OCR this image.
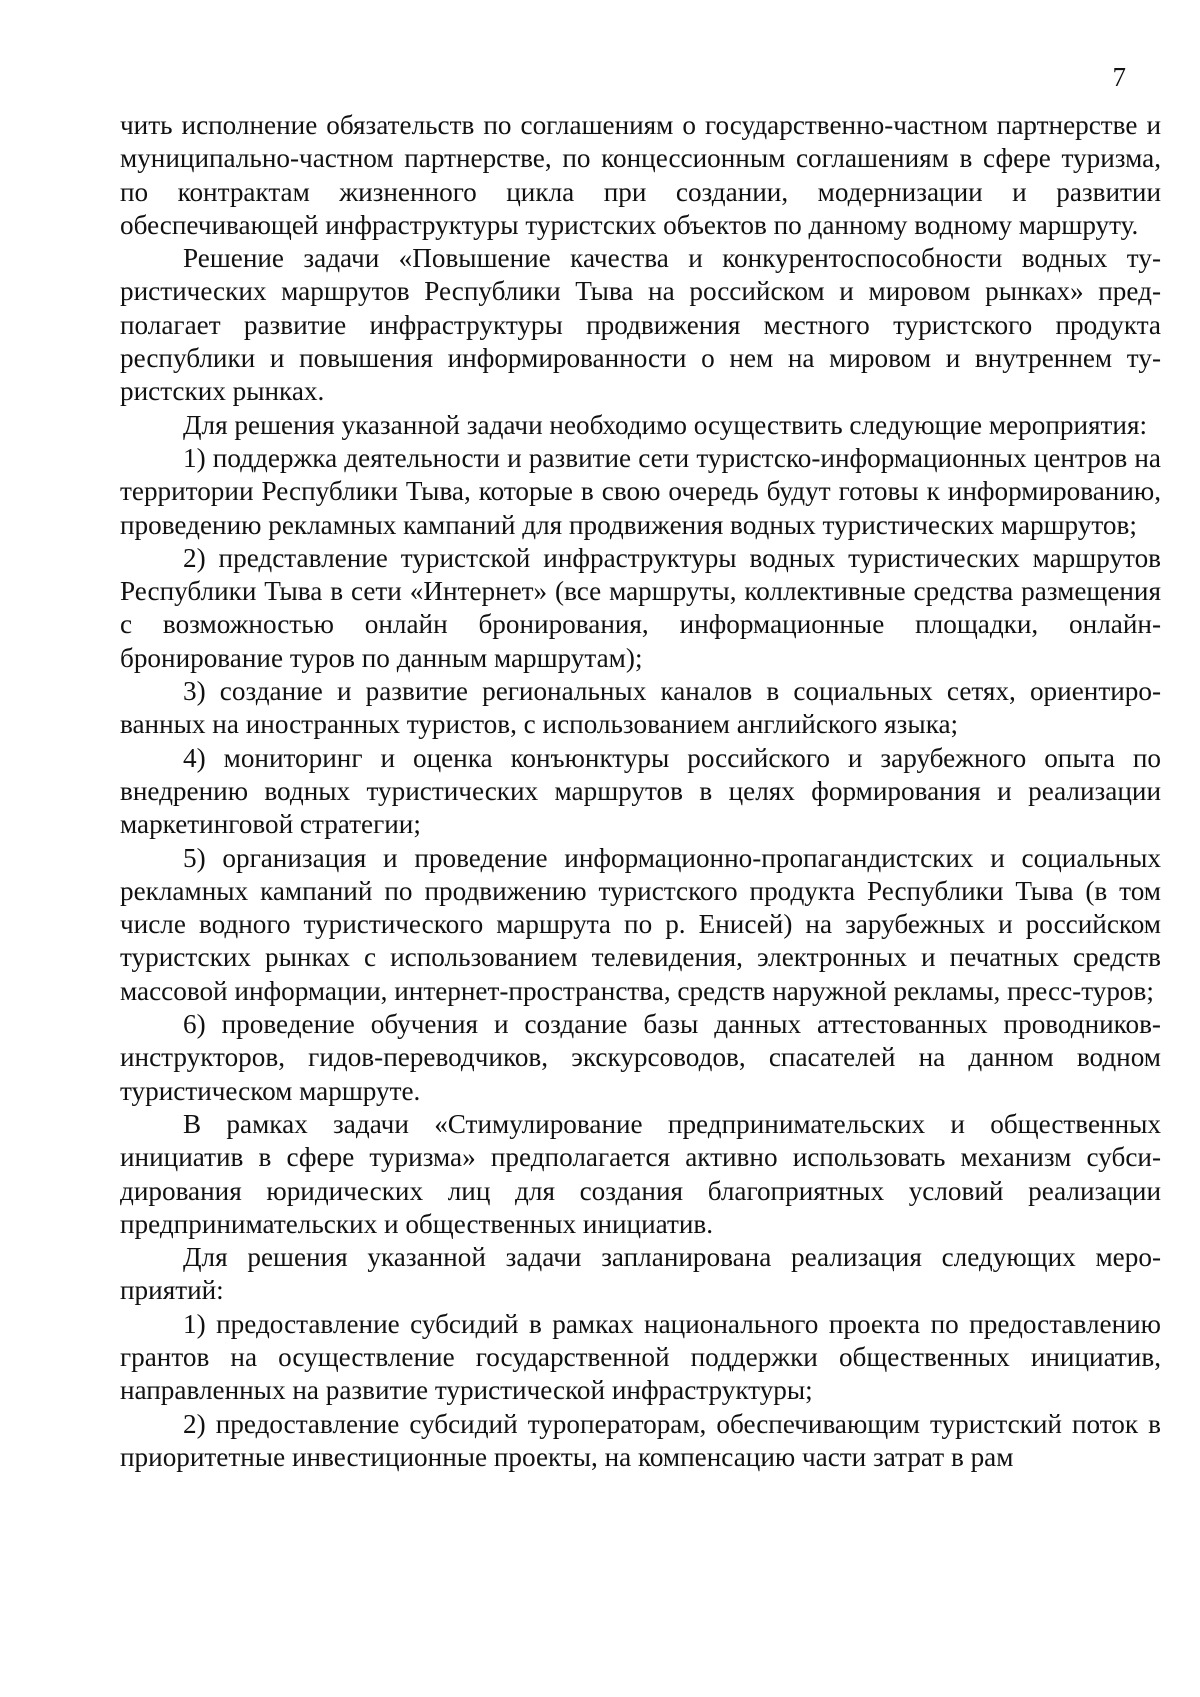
7

чить исполнение обязательств по соглашениям о государственно-частном партнерстве и муниципально-частном партнерстве, по концессионным соглашениям в сфере туризма, по контрактам жизненного цикла при создании, модернизации и развитии обеспечивающей инфраструктуры туристских объектов по данному водному маршруту.

Решение задачи «Повышение качества и конкурентоспособности водных туристических маршрутов Республики Тыва на российском и мировом рынках» предполагает развитие инфраструктуры продвижения местного туристского продукта республики и повышения информированности о нем на мировом и внутреннем туристских рынках.

Для решения указанной задачи необходимо осуществить следующие мероприятия:

1) поддержка деятельности и развитие сети туристско-информационных центров на территории Республики Тыва, которые в свою очередь будут готовы к информированию, проведению рекламных кампаний для продвижения водных туристических маршрутов;

2) представление туристской инфраструктуры водных туристических маршрутов Республики Тыва в сети «Интернет» (все маршруты, коллективные средства размещения с возможностью онлайн бронирования, информационные площадки, онлайн-бронирование туров по данным маршрутам);

3) создание и развитие региональных каналов в социальных сетях, ориентированных на иностранных туристов, с использованием английского языка;

4) мониторинг и оценка конъюнктуры российского и зарубежного опыта по внедрению водных туристических маршрутов в целях формирования и реализации маркетинговой стратегии;

5) организация и проведение информационно-пропагандистских и социальных рекламных кампаний по продвижению туристского продукта Республики Тыва (в том числе водного туристического маршрута по р. Енисей) на зарубежных и российском туристских рынках с использованием телевидения, электронных и печатных средств массовой информации, интернет-пространства, средств наружной рекламы, пресс-туров;

6) проведение обучения и создание базы данных аттестованных проводников-инструкторов, гидов-переводчиков, экскурсоводов, спасателей на данном водном туристическом маршруте.

В рамках задачи «Стимулирование предпринимательских и общественных инициатив в сфере туризма» предполагается активно использовать механизм субсидирования юридических лиц для создания благоприятных условий реализации предпринимательских и общественных инициатив.

Для решения указанной задачи запланирована реализация следующих мероприятий:

1) предоставление субсидий в рамках национального проекта по предоставлению грантов на осуществление государственной поддержки общественных инициатив, направленных на развитие туристической инфраструктуры;

2) предоставление субсидий туроператорам, обеспечивающим туристский поток в приоритетные инвестиционные проекты, на компенсацию части затрат в рам
